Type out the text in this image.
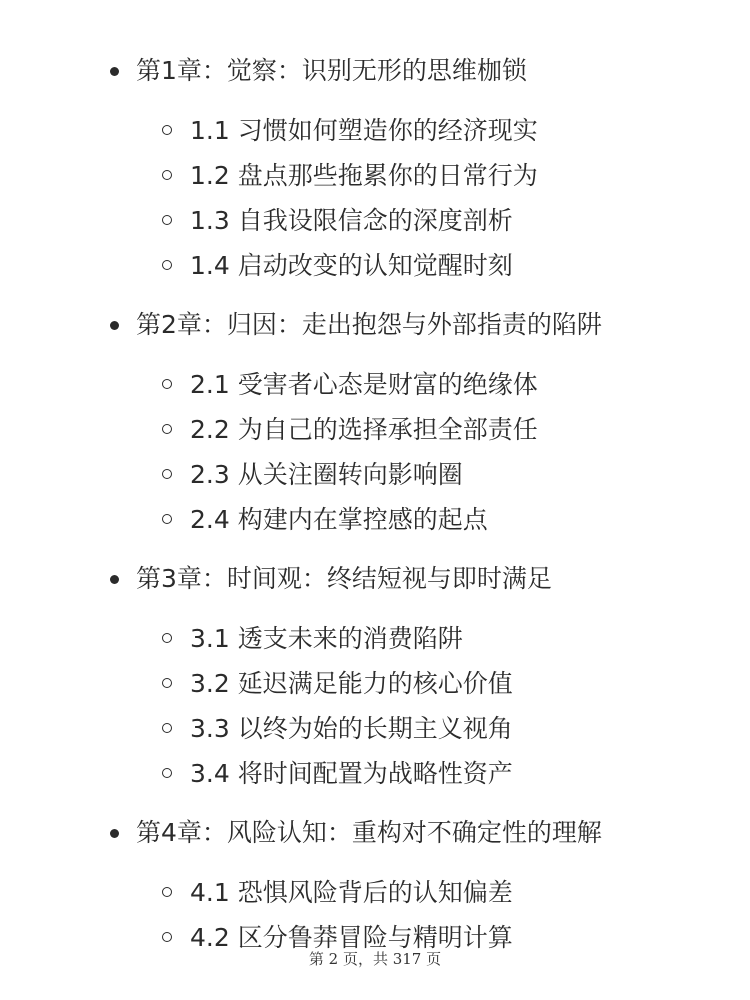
第1章：觉察：识别无形的思维枷锁
1.1 习惯如何塑造你的经济现实
1.2 盘点那些拖累你的日常行为
1.3 自我设限信念的深度剖析
1.4 启动改变的认知觉醒时刻
第2章：归因：走出抱怨与外部指责的陷阱
2.1 受害者心态是财富的绝缘体
2.2 为自己的选择承担全部责任
2.3 从关注圈转向影响圈
2.4 构建内在掌控感的起点
第3章：时间观：终结短视与即时满足
3.1 透支未来的消费陷阱
3.2 延迟满足能力的核心价值
3.3 以终为始的长期主义视角
3.4 将时间配置为战略性资产
第4章：风险认知：重构对不确定性的理解
4.1 恐惧风险背后的认知偏差
4.2 区分鲁莽冒险与精明计算
第 2 页，共 317 页
